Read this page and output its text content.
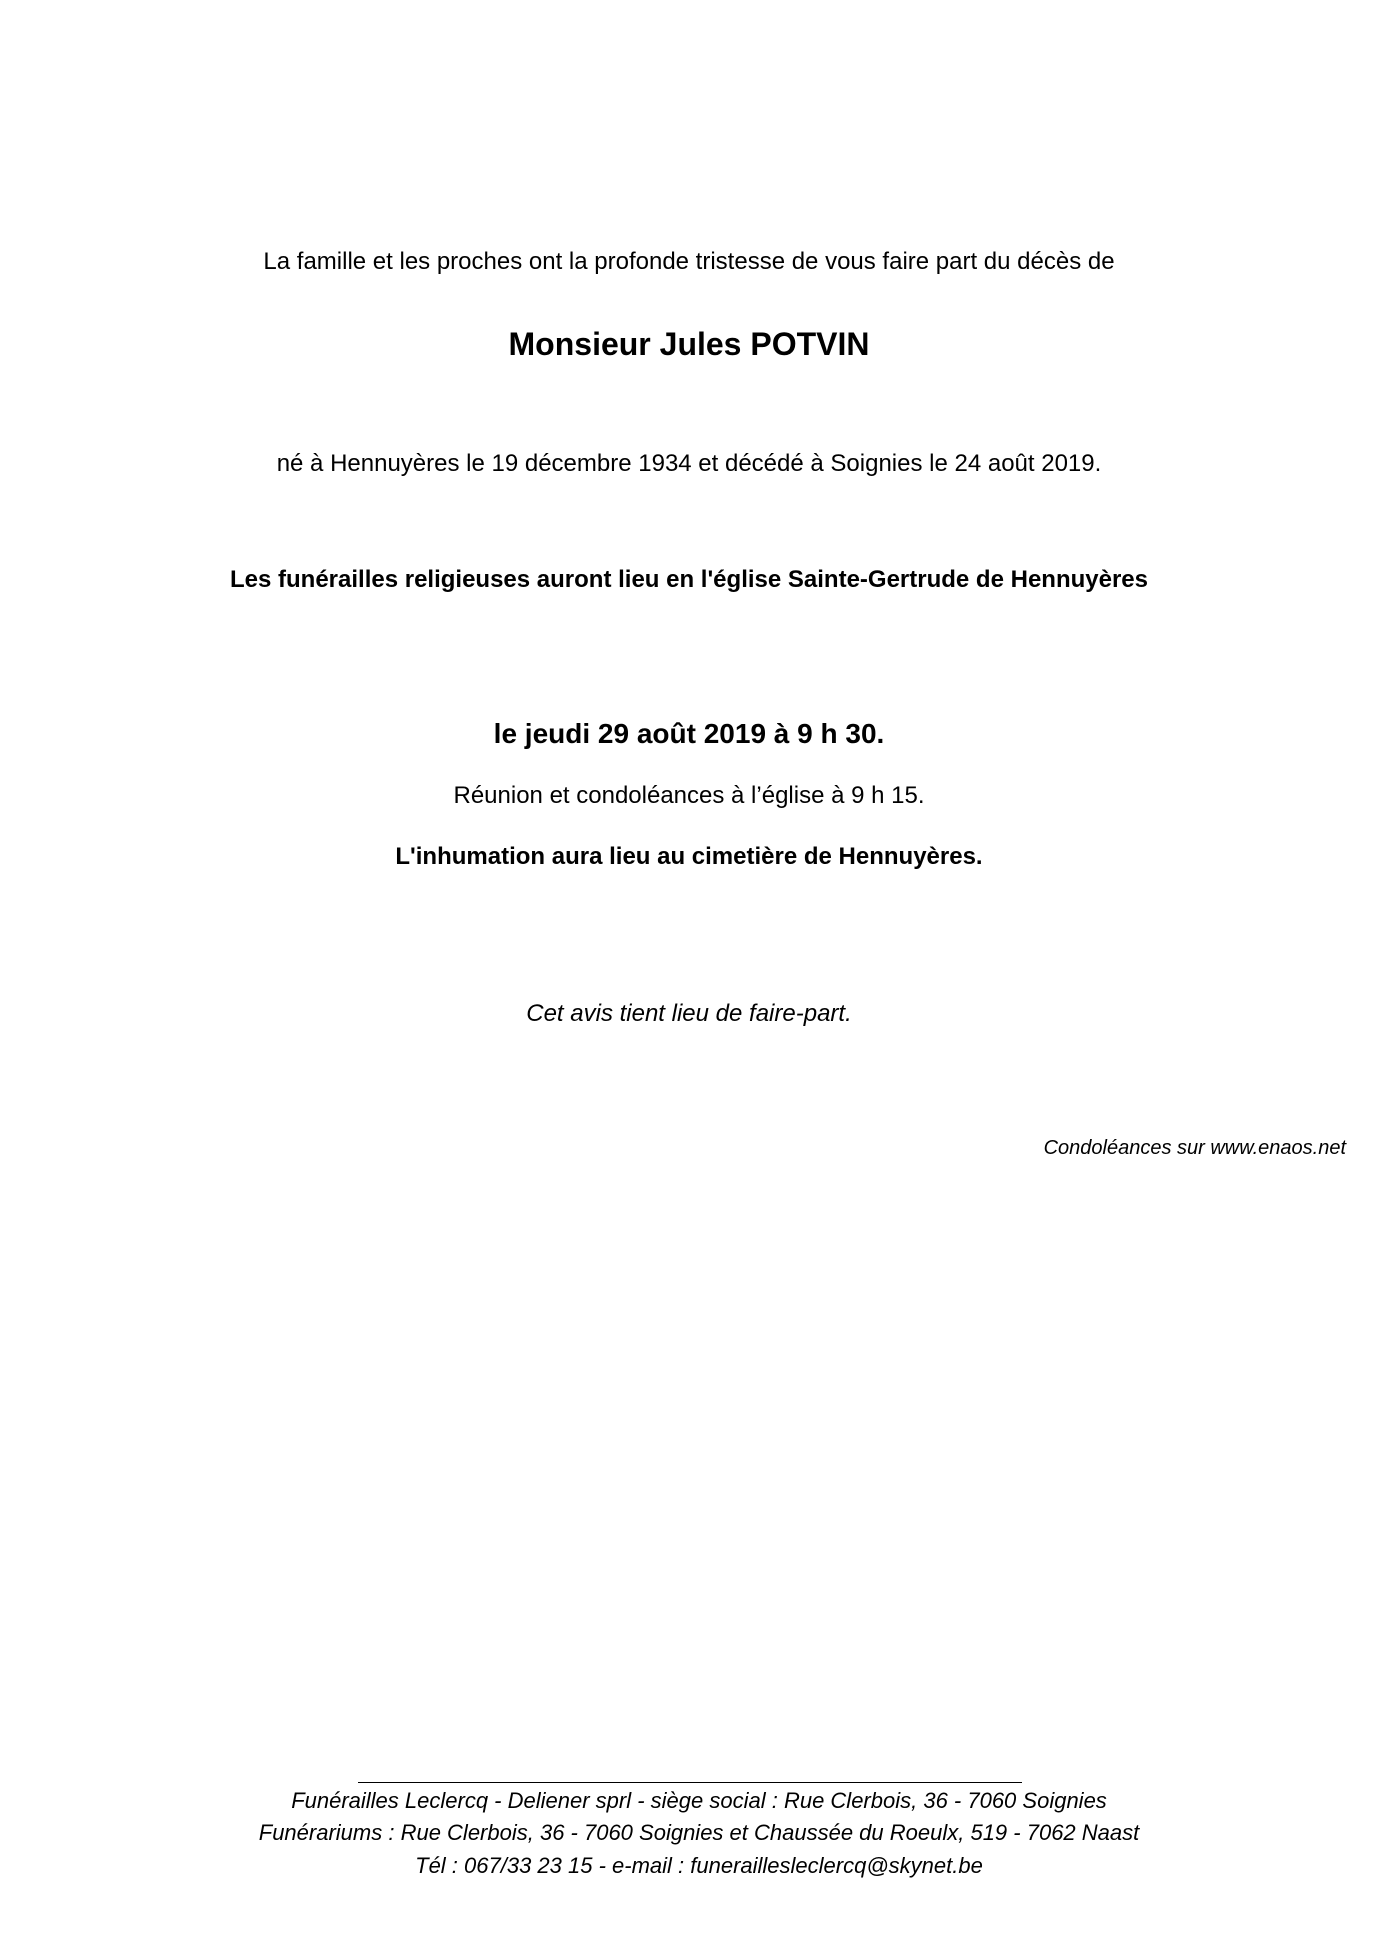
La famille et les proches ont la profonde tristesse de vous faire part du décès de
Monsieur Jules POTVIN
né à Hennuyères le 19 décembre 1934 et décédé à Soignies le 24 août 2019.
Les funérailles religieuses auront lieu en l'église Sainte-Gertrude de Hennuyères
le jeudi 29 août 2019 à 9 h 30.
Réunion et condoléances à l’église à 9 h 15.
L'inhumation aura lieu au cimetière de Hennuyères.
Cet avis tient lieu de faire-part.
Condoléances sur www.enaos.net
Funérailles Leclercq - Deliener sprl - siège social : Rue Clerbois, 36 - 7060 Soignies
Funérariums : Rue Clerbois, 36 - 7060 Soignies et Chaussée du Roeulx, 519 - 7062 Naast
Tél : 067/33 23 15 - e-mail : funerailles​leclercq@skynet.be
